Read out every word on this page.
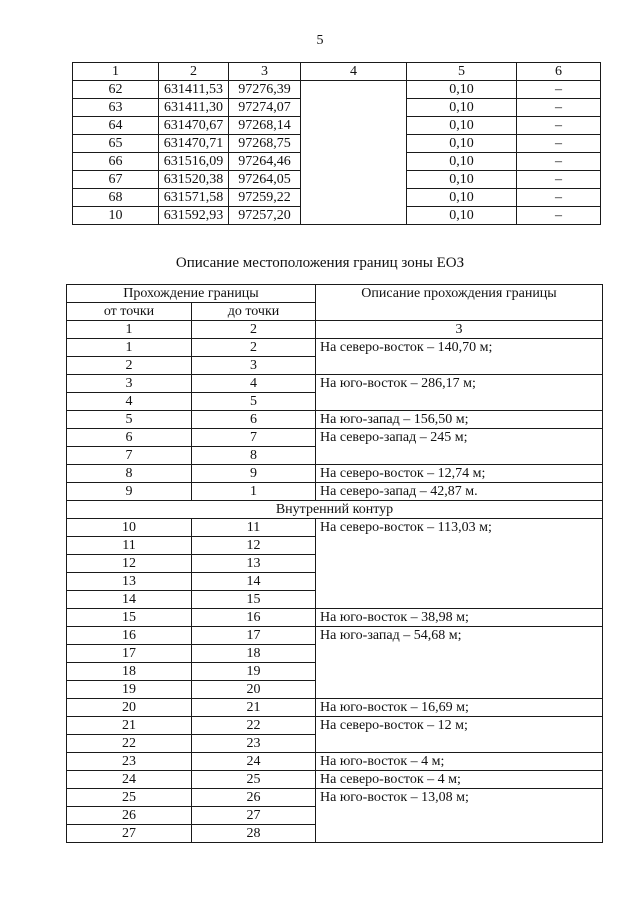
5
1	2	3	4	5	6
62	631411,53	97276,39		0,10	–
63	631411,30	97274,07		0,10	–
64	631470,67	97268,14		0,10	–
65	631470,71	97268,75		0,10	–
66	631516,09	97264,46		0,10	–
67	631520,38	97264,05		0,10	–
68	631571,58	97259,22		0,10	–
10	631592,93	97257,20		0,10	–
Описание местоположения границ зоны ЕОЗ
Прохождение границы		Описание прохождения границы
от точки	до точки	
1	2	3
1	2	На северо-восток – 140,70 м;
2	3	
3	4	На юго-восток – 286,17 м;
4	5	
5	6	На юго-запад – 156,50 м;
6	7	На северо-запад – 245 м;
7	8	
8	9	На северо-восток – 12,74 м;
9	1	На северо-запад – 42,87 м.
Внутренний контур		
10	11	На северо-восток – 113,03 м;
11	12	
12	13	
13	14	
14	15	
15	16	На юго-восток – 38,98 м;
16	17	На юго-запад – 54,68 м;
17	18	
18	19	
19	20	
20	21	На юго-восток – 16,69 м;
21	22	На северо-восток – 12 м;
22	23	
23	24	На юго-восток – 4 м;
24	25	На северо-восток – 4 м;
25	26	На юго-восток – 13,08 м;
26	27	
27	28	
